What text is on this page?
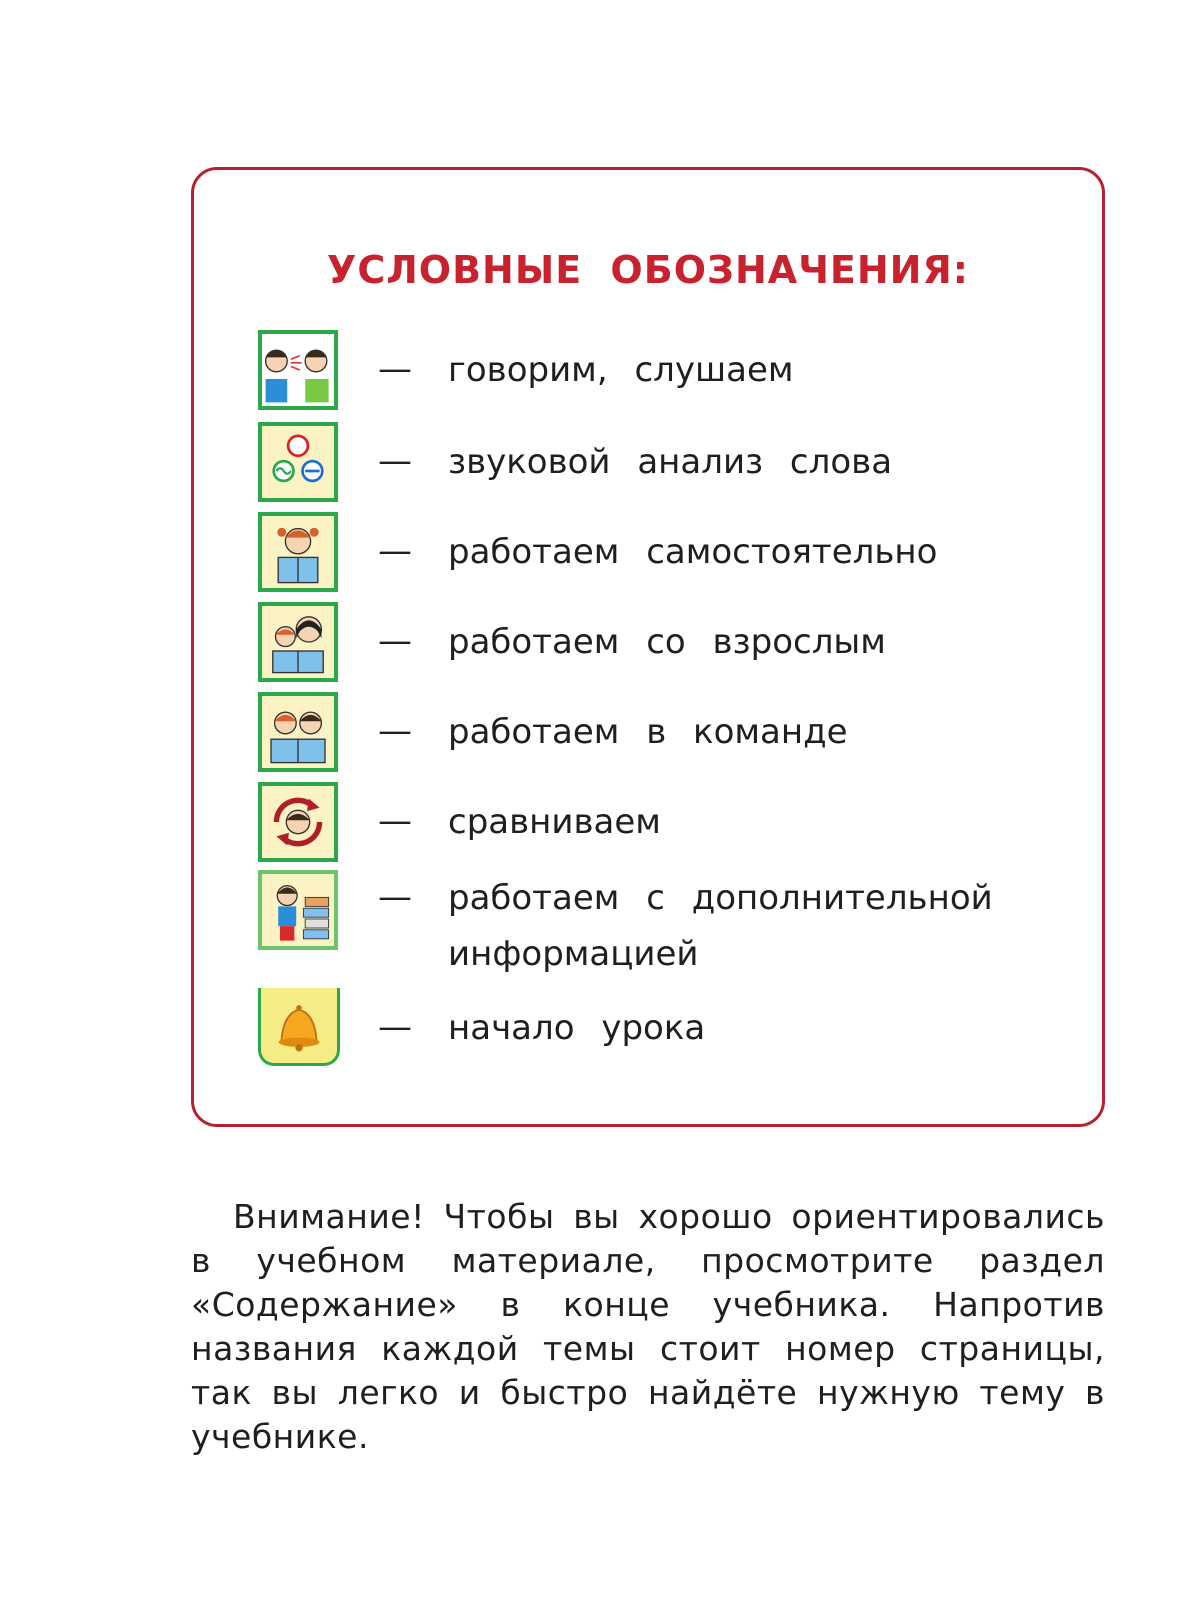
УСЛОВНЫЕ ОБОЗНАЧЕНИЯ:
— говорим, слушаем
— звуковой анализ слова
— работаем самостоятельно
— работаем со взрослым
— работаем в команде
— сравниваем
— работаем с дополнительной информацией
— начало урока

Внимание! Чтобы вы хорошо ориентировались в учебном материале, просмотрите раздел «Содержание» в конце учебника. Напротив названия каждой темы стоит номер страницы, так вы легко и быстро найдёте нужную тему в учебнике.
